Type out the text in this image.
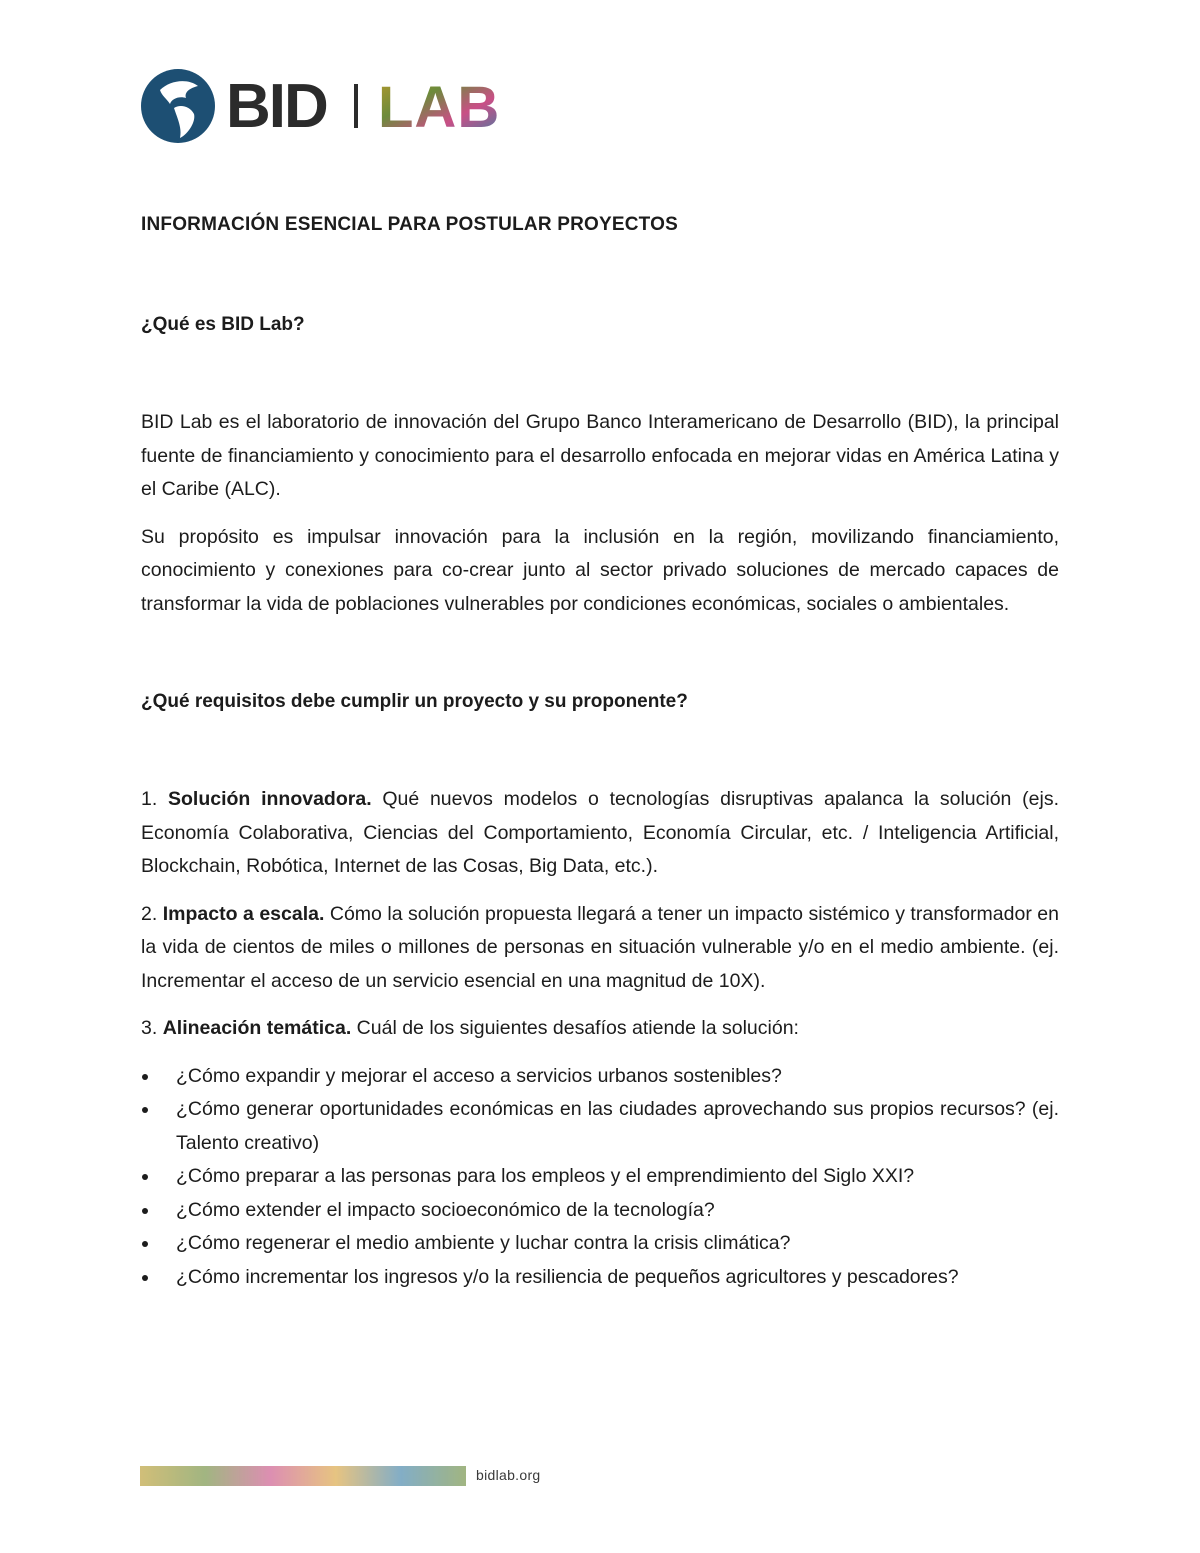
BID LAB
INFORMACIÓN ESENCIAL PARA POSTULAR PROYECTOS
¿Qué es BID Lab?

BID Lab es el laboratorio de innovación del Grupo Banco Interamericano de Desarrollo (BID), la principal fuente de financiamiento y conocimiento para el desarrollo enfocada en mejorar vidas en América Latina y el Caribe (ALC).

Su propósito es impulsar innovación para la inclusión en la región, movilizando financiamiento, conocimiento y conexiones para co-crear junto al sector privado soluciones de mercado capaces de transformar la vida de poblaciones vulnerables por condiciones económicas, sociales o ambientales.

¿Qué requisitos debe cumplir un proyecto y su proponente?

1. Solución innovadora. Qué nuevos modelos o tecnologías disruptivas apalanca la solución (ejs. Economía Colaborativa, Ciencias del Comportamiento, Economía Circular, etc. / Inteligencia Artificial, Blockchain, Robótica, Internet de las Cosas, Big Data, etc.).

2. Impacto a escala. Cómo la solución propuesta llegará a tener un impacto sistémico y transformador en la vida de cientos de miles o millones de personas en situación vulnerable y/o en el medio ambiente. (ej. Incrementar el acceso de un servicio esencial en una magnitud de 10X).

3. Alineación temática. Cuál de los siguientes desafíos atiende la solución:

¿Cómo expandir y mejorar el acceso a servicios urbanos sostenibles?
¿Cómo generar oportunidades económicas en las ciudades aprovechando sus propios recursos? (ej. Talento creativo)
¿Cómo preparar a las personas para los empleos y el emprendimiento del Siglo XXI?
¿Cómo extender el impacto socioeconómico de la tecnología?
¿Cómo regenerar el medio ambiente y luchar contra la crisis climática?
¿Cómo incrementar los ingresos y/o la resiliencia de pequeños agricultores y pescadores?
bidlab.org
